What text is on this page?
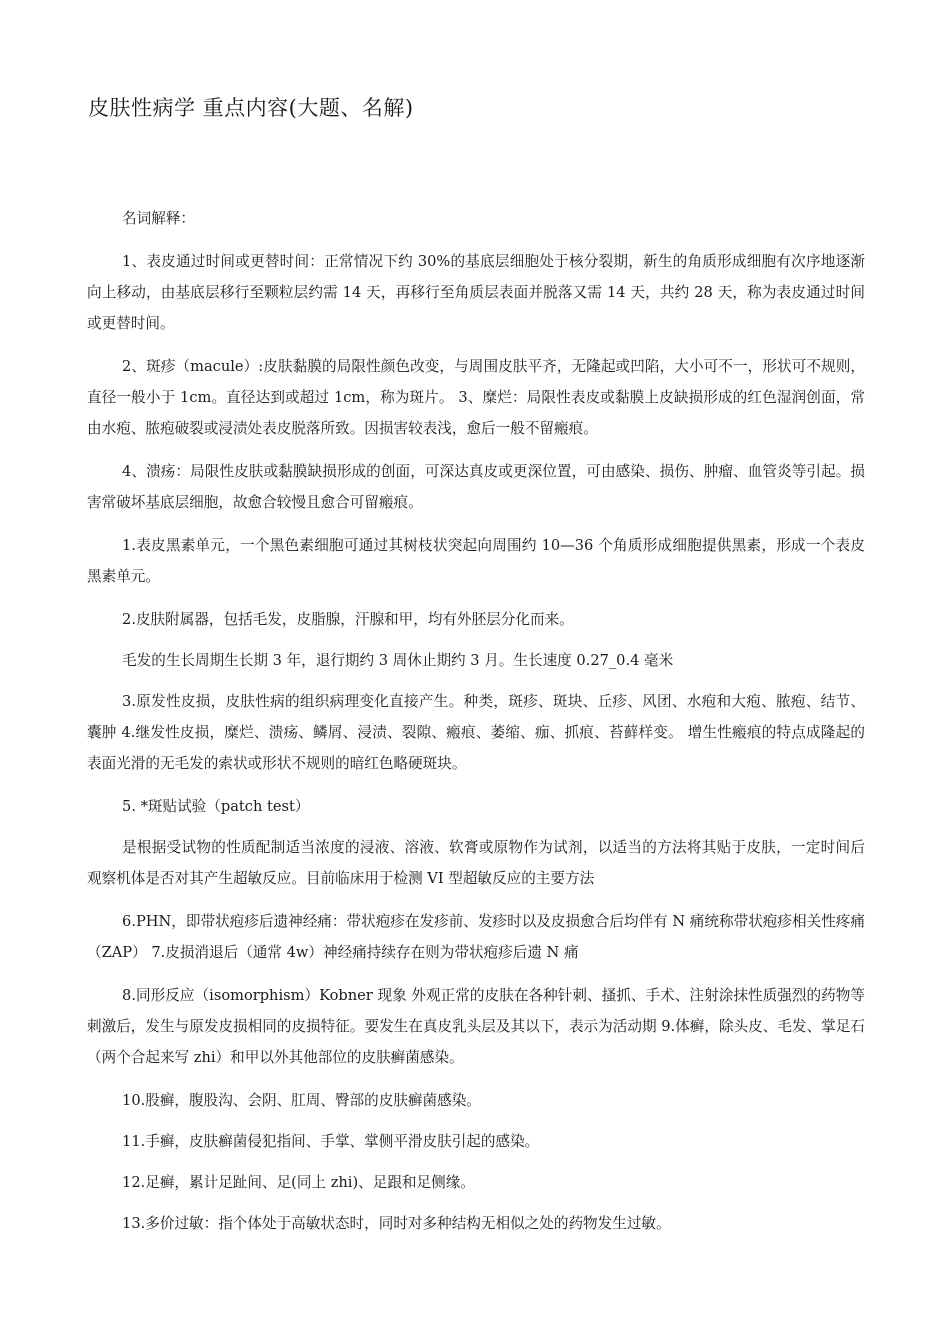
皮肤性病学 重点内容(大题、名解)

名词解释：

1、表皮通过时间或更替时间：正常情况下约 30%的基底层细胞处于核分裂期，新生的角质形成细胞有次序地逐渐向上移动，由基底层移行至颗粒层约需 14 天，再移行至角质层表面并脱落又需 14 天，共约 28 天，称为表皮通过时间或更替时间。

2、斑疹（macule）:皮肤黏膜的局限性颜色改变，与周围皮肤平齐，无隆起或凹陷，大小可不一，形状可不规则，直径一般小于 1cm。直径达到或超过 1cm，称为斑片。 3、糜烂：局限性表皮或黏膜上皮缺损形成的红色湿润创面，常由水疱、脓疱破裂或浸渍处表皮脱落所致。因损害较表浅，愈后一般不留瘢痕。

4、溃疡：局限性皮肤或黏膜缺损形成的创面，可深达真皮或更深位置，可由感染、损伤、肿瘤、血管炎等引起。损害常破坏基底层细胞，故愈合较慢且愈合可留瘢痕。

1.表皮黑素单元，一个黑色素细胞可通过其树枝状突起向周围约 10—36 个角质形成细胞提供黑素，形成一个表皮黑素单元。

2.皮肤附属器，包括毛发，皮脂腺，汗腺和甲，均有外胚层分化而来。

毛发的生长周期生长期 3 年，退行期约 3 周休止期约 3 月。生长速度 0.27_0.4 毫米

3.原发性皮损，皮肤性病的组织病理变化直接产生。种类，斑疹、斑块、丘疹、风团、水疱和大疱、脓疱、结节、囊肿 4.继发性皮损，糜烂、溃疡、鳞屑、浸渍、裂隙、瘢痕、萎缩、痂、抓痕、苔藓样变。 增生性瘢痕的特点成隆起的表面光滑的无毛发的索状或形状不规则的暗红色略硬斑块。

5. *斑贴试验（patch test）

是根据受试物的性质配制适当浓度的浸液、溶液、软膏或原物作为试剂，以适当的方法将其贴于皮肤，一定时间后观察机体是否对其产生超敏反应。目前临床用于检测 VI 型超敏反应的主要方法

6.PHN，即带状疱疹后遗神经痛：带状疱疹在发疹前、发疹时以及皮损愈合后均伴有 N 痛统称带状疱疹相关性疼痛（ZAP） 7.皮损消退后（通常 4w）神经痛持续存在则为带状疱疹后遗 N 痛

8.同形反应（isomorphism）Kobner 现象 外观正常的皮肤在各种针刺、搔抓、手术、注射涂抹性质强烈的药物等刺激后，发生与原发皮损相同的皮损特征。要发生在真皮乳头层及其以下，表示为活动期 9.体癣，除头皮、毛发、掌足石（两个合起来写 zhi）和甲以外其他部位的皮肤癣菌感染。

10.股癣，腹股沟、会阴、肛周、臀部的皮肤癣菌感染。

11.手癣，皮肤癣菌侵犯指间、手掌、掌侧平滑皮肤引起的感染。

12.足癣，累计足趾间、足(同上 zhi)、足跟和足侧缘。

13.多价过敏：指个体处于高敏状态时，同时对多种结构无相似之处的药物发生过敏。
